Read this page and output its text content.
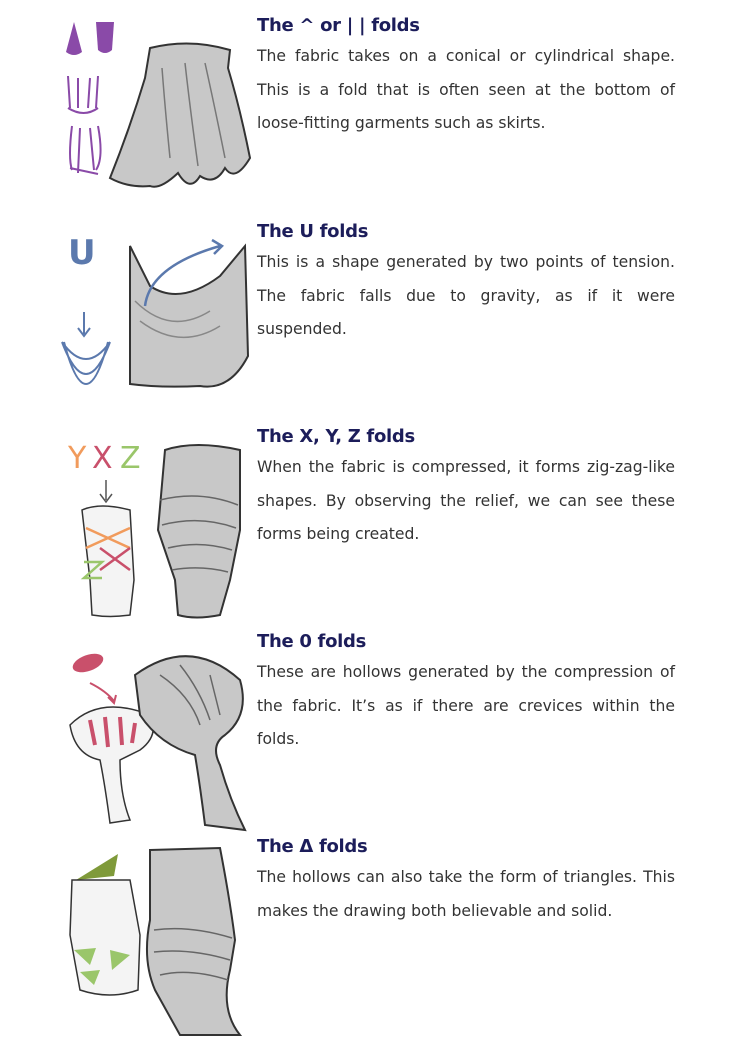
The ^ or | | folds

The fabric takes on a conical or cylindrical shape. This is a fold that is often seen at the bottom of loose-fitting garments such as skirts.

U
The U folds

This is a shape generated by two points of tension. The fabric falls due to gravity, as if it were suspended.

Y X Z
The X, Y, Z folds

When the fabric is compressed, it forms zig-zag-like shapes. By observing the relief, we can see these forms being created.

The 0 folds

These are hollows generated by the compression of the fabric. It’s as if there are crevices within the folds.

The Δ folds

The hollows can also take the form of triangles. This makes the drawing both believable and solid.
